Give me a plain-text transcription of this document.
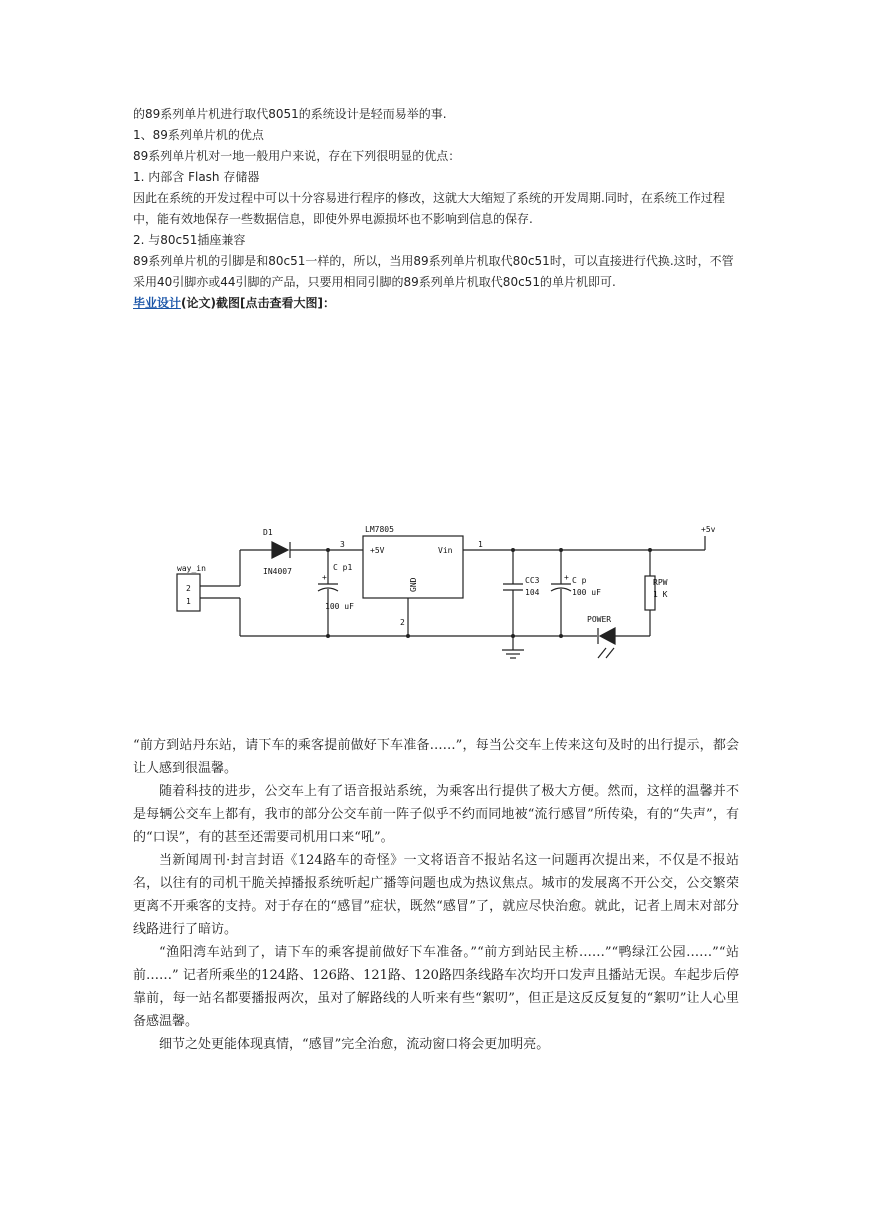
的89系列单片机进行取代8051的系统设计是轻而易举的事.

1、89系列单片机的优点

89系列单片机对一地一般用户来说，存在下列很明显的优点：

1. 内部含 Flash 存储器

因此在系统的开发过程中可以十分容易进行程序的修改，这就大大缩短了系统的开发周期.同时，在系统工作过程中，能有效地保存一些数据信息，即使外界电源损坏也不影响到信息的保存.

2. 与80c51插座兼容

89系列单片机的引脚是和80c51一样的，所以，当用89系列单片机取代80c51时，可以直接进行代换.这时，不管采用40引脚亦或44引脚的产品，只要用相同引脚的89系列单片机取代80c51的单片机即可.

毕业设计(论文)截图[点击查看大图]：

D1
IN4007
LM7805
+5V	Vin
GND
1
2
3
+5v
way_in
2
1
+
C p1
100 uF
CC3
104
+ C p
100 uF
RPW
1 K
POWER

“前方到站丹东站，请下车的乘客提前做好下车准备……”，每当公交车上传来这句及时的出行提示，都会让人感到很温馨。

随着科技的进步，公交车上有了语音报站系统，为乘客出行提供了极大方便。然而，这样的温馨并不是每辆公交车上都有，我市的部分公交车前一阵子似乎不约而同地被“流行感冒”所传染，有的“失声”，有的“口误”，有的甚至还需要司机用口来“吼”。

当新闻周刊·封言封语《124路车的奇怪》一文将语音不报站名这一问题再次提出来，不仅是不报站名，以往有的司机干脆关掉播报系统听起广播等问题也成为热议焦点。城市的发展离不开公交，公交繁荣更离不开乘客的支持。对于存在的“感冒”症状，既然“感冒”了，就应尽快治愈。就此，记者上周末对部分线路进行了暗访。

“渔阳湾车站到了，请下车的乘客提前做好下车准备。”“前方到站民主桥……”“鸭绿江公园……”“站前……” 记者所乘坐的124路、126路、121路、120路四条线路车次均开口发声且播站无误。车起步后停靠前，每一站名都要播报两次，虽对了解路线的人听来有些“絮叨”，但正是这反反复复的“絮叨”让人心里备感温馨。

细节之处更能体现真情，“感冒”完全治愈，流动窗口将会更加明亮。
